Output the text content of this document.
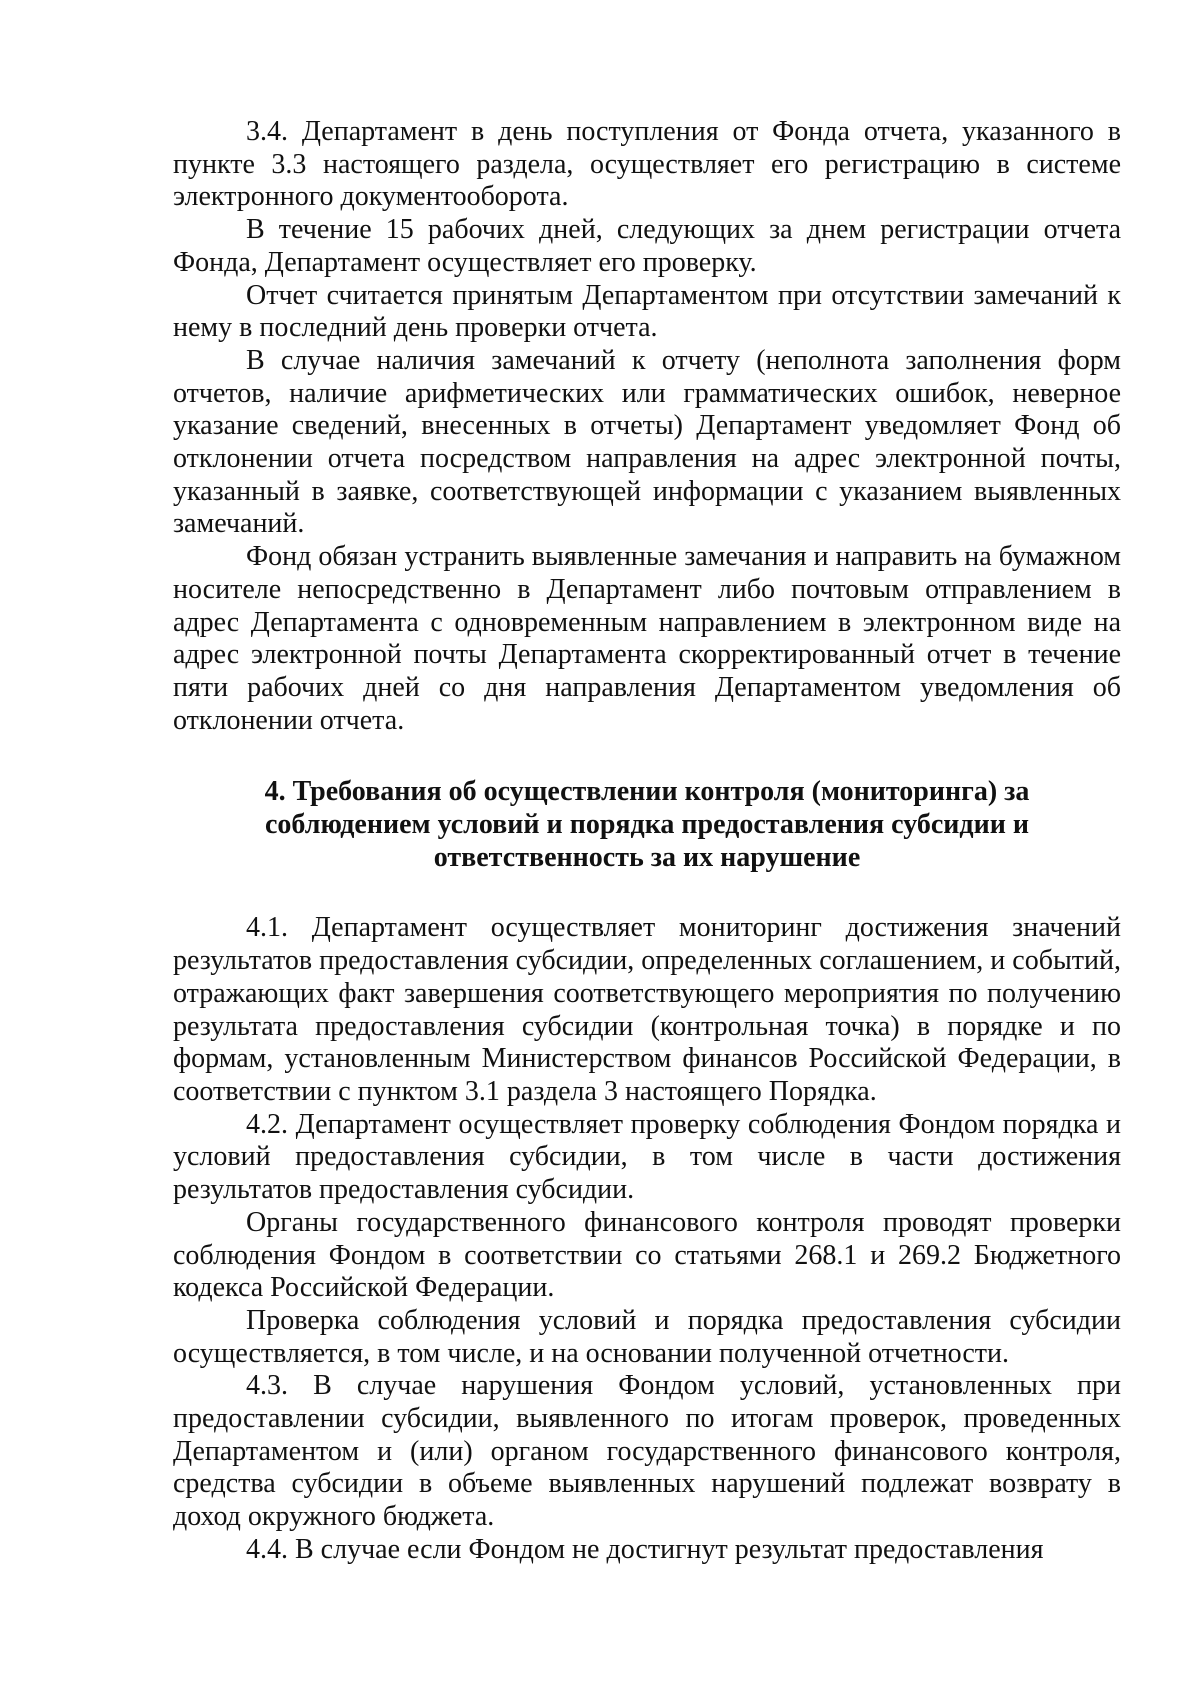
3.4. Департамент в день поступления от Фонда отчета, указанного в пункте 3.3 настоящего раздела, осуществляет его регистрацию в системе электронного документооборота.

В течение 15 рабочих дней, следующих за днем регистрации отчета Фонда, Департамент осуществляет его проверку.

Отчет считается принятым Департаментом при отсутствии замечаний к нему в последний день проверки отчета.

В случае наличия замечаний к отчету (неполнота заполнения форм отчетов, наличие арифметических или грамматических ошибок, неверное указание сведений, внесенных в отчеты) Департамент уведомляет Фонд об отклонении отчета посредством направления на адрес электронной почты, указанный в заявке, соответствующей информации с указанием выявленных замечаний.

Фонд обязан устранить выявленные замечания и направить на бумажном носителе непосредственно в Департамент либо почтовым отправлением в адрес Департамента с одновременным направлением в электронном виде на адрес электронной почты Департамента скорректированный отчет в течение пяти рабочих дней со дня направления Департаментом уведомления об отклонении отчета.

4. Требования об осуществлении контроля (мониторинга) за соблюдением условий и порядка предоставления субсидии и ответственность за их нарушение

4.1. Департамент осуществляет мониторинг достижения значений результатов предоставления субсидии, определенных соглашением, и событий, отражающих факт завершения соответствующего мероприятия по получению результата предоставления субсидии (контрольная точка) в порядке и по формам, установленным Министерством финансов Российской Федерации, в соответствии с пунктом 3.1 раздела 3 настоящего Порядка.

4.2. Департамент осуществляет проверку соблюдения Фондом порядка и условий предоставления субсидии, в том числе в части достижения результатов предоставления субсидии.

Органы государственного финансового контроля проводят проверки соблюдения Фондом в соответствии со статьями 268.1 и 269.2 Бюджетного кодекса Российской Федерации.

Проверка соблюдения условий и порядка предоставления субсидии осуществляется, в том числе, и на основании полученной отчетности.

4.3. В случае нарушения Фондом условий, установленных при предоставлении субсидии, выявленного по итогам проверок, проведенных Департаментом и (или) органом государственного финансового контроля, средства субсидии в объеме выявленных нарушений подлежат возврату в доход окружного бюджета.

4.4. В случае если Фондом не достигнут результат предоставления
